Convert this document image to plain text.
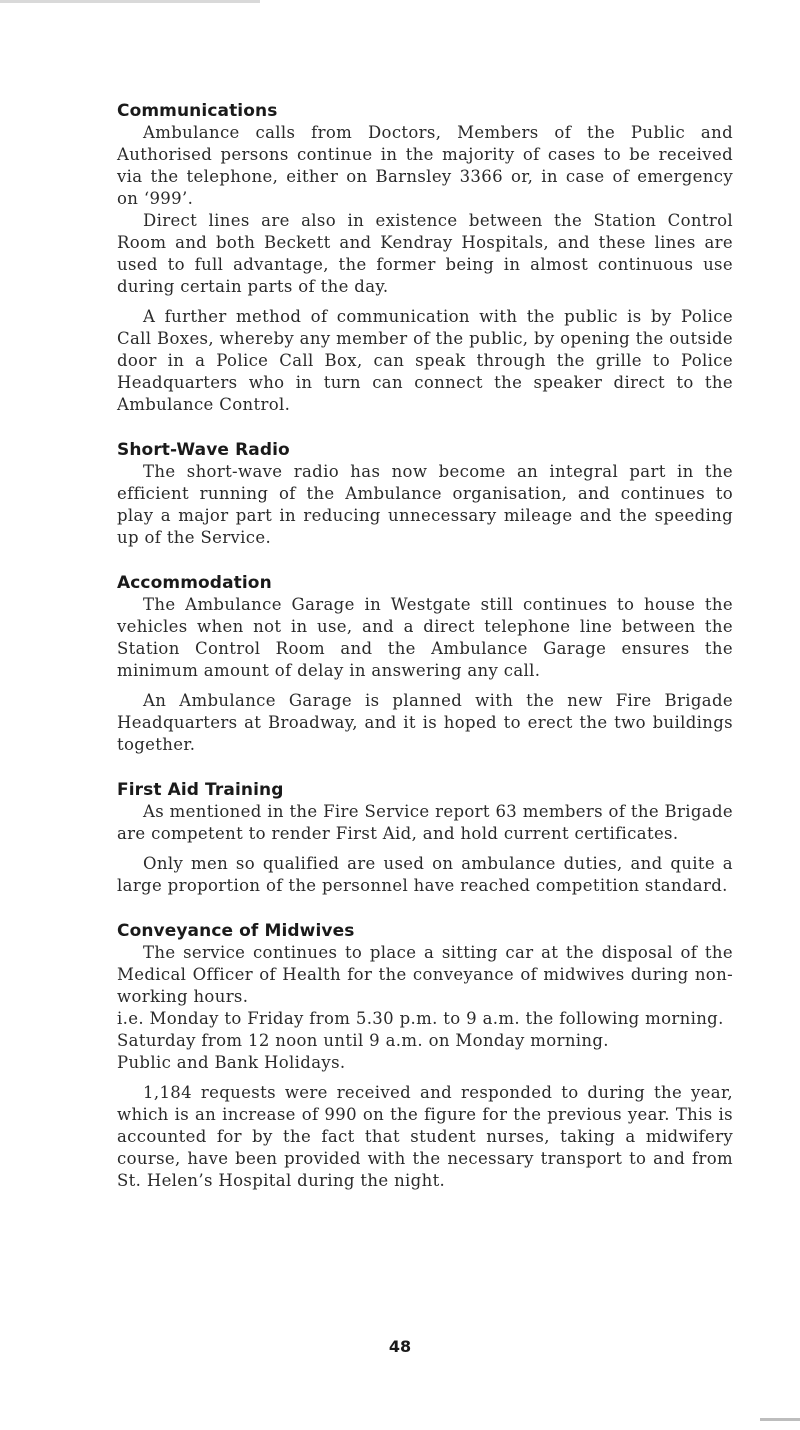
Communications

Ambulance calls from Doctors, Members of the Public and Authorised persons continue in the majority of cases to be received via the telephone, either on Barnsley 3366 or, in case of emergency on ‘999’.

Direct lines are also in existence between the Station Control Room and both Beckett and Kendray Hospitals, and these lines are used to full advantage, the former being in almost continuous use during certain parts of the day.

A further method of communication with the public is by Police Call Boxes, whereby any member of the public, by opening the outside door in a Police Call Box, can speak through the grille to Police Headquarters who in turn can connect the speaker direct to the Ambulance Control.

Short-Wave Radio

The short-wave radio has now become an integral part in the efficient running of the Ambulance organisation, and continues to play a major part in reducing unnecessary mileage and the speeding up of the Service.

Accommodation

The Ambulance Garage in Westgate still continues to house the vehicles when not in use, and a direct telephone line between the Station Control Room and the Ambulance Garage ensures the minimum amount of delay in answering any call.

An Ambulance Garage is planned with the new Fire Brigade Headquarters at Broadway, and it is hoped to erect the two buildings together.

First Aid Training

As mentioned in the Fire Service report 63 members of the Brigade are competent to render First Aid, and hold current certificates.

Only men so qualified are used on ambulance duties, and quite a large proportion of the personnel have reached competition standard.

Conveyance of Midwives

The service continues to place a sitting car at the disposal of the Medical Officer of Health for the conveyance of midwives during non-working hours.

i.e. Monday to Friday from 5.30 p.m. to 9 a.m. the following morning.

Saturday from 12 noon until 9 a.m. on Monday morning.

Public and Bank Holidays.

1,184 requests were received and responded to during the year, which is an increase of 990 on the figure for the previous year. This is accounted for by the fact that student nurses, taking a midwifery course, have been provided with the necessary transport to and from St. Helen’s Hospital during the night.

48
